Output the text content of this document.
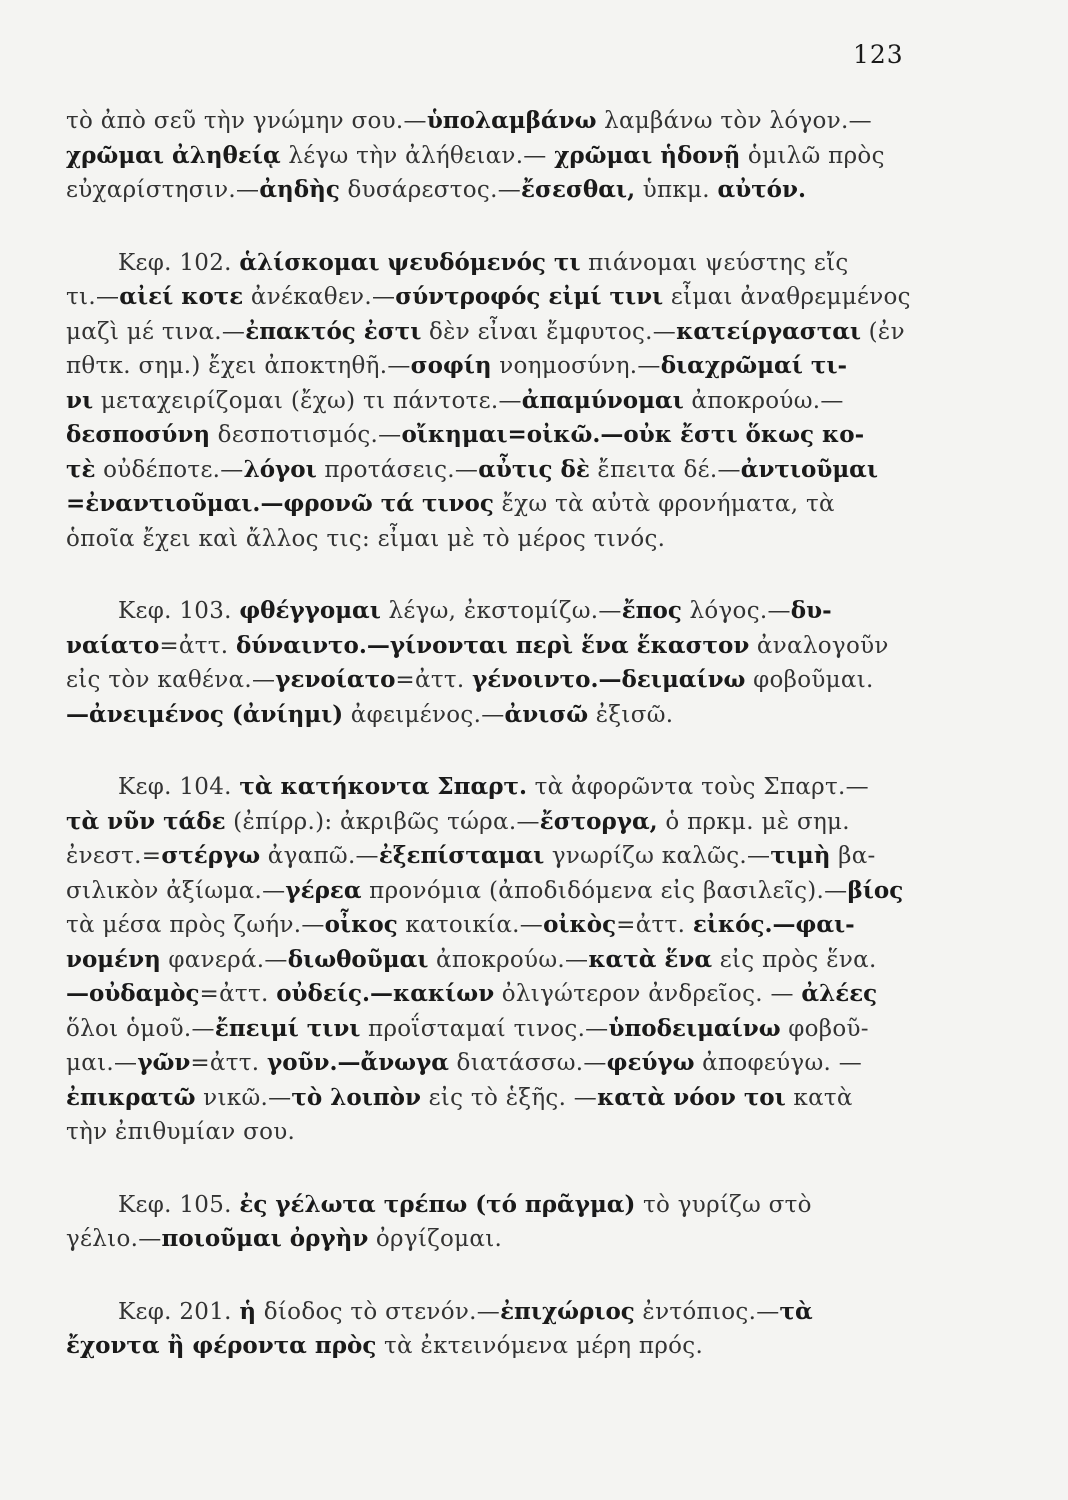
123
τὸ ἀπὸ σεῦ τὴν γνώμην σου.—ὑπολαμβάνω λαμβάνω τὸν λόγον.—
χρῶμαι ἀληθείᾳ λέγω τὴν ἀλήθειαν.— χρῶμαι ἡδονῇ ὁμιλῶ πρὸς
εὐχαρίστησιν.—ἀηδὴς δυσάρεστος.—ἔσεσθαι, ὑπκμ. αὐτόν.
Κεφ. 102. ἁλίσκομαι ψευδόμενός τι πιάνομαι ψεύστης εἴς
τι.—αἰεί κοτε ἀνέκαθεν.—σύντροφός εἰμί τινι εἶμαι ἀναθρεμμένος
μαζὶ μέ τινα.—ἐπακτός ἐστι δὲν εἶναι ἔμφυτος.—κατείργασται (ἐν
πθτκ. σημ.) ἔχει ἀποκτηθῆ.—σοφίη νοημοσύνη.—διαχρῶμαί τι-
νι μεταχειρίζομαι (ἔχω) τι πάντοτε.—ἀπαμύνομαι ἀποκρούω.—
δεσποσύνη δεσποτισμός.—οἴκημαι=οἰκῶ.—οὐκ ἔστι ὅκως κο-
τὲ οὐδέποτε.—λόγοι προτάσεις.—αὖτις δὲ ἔπειτα δέ.—ἀντιοῦμαι
=ἐναντιοῦμαι.—φρονῶ τά τινος ἔχω τὰ αὐτὰ φρονήματα, τὰ
ὁποῖα ἔχει καὶ ἄλλος τις: εἶμαι μὲ τὸ μέρος τινός.
Κεφ. 103. φθέγγομαι λέγω, ἐκστομίζω.—ἔπος λόγος.—δυ-
ναίατο=ἀττ. δύναιντο.—γίνονται περὶ ἕνα ἕκαστον ἀναλογοῦν
εἰς τὸν καθένα.—γενοίατο=ἀττ. γένοιντο.—δειμαίνω φοβοῦμαι.
—ἀνειμένος (ἀνίημι) ἀφειμένος.—ἀνισῶ ἐξισῶ.
Κεφ. 104. τὰ κατήκοντα Σπαρτ. τὰ ἀφορῶντα τοὺς Σπαρτ.—
τὰ νῦν τάδε (ἐπίρρ.): ἀκριβῶς τώρα.—ἔστοργα, ὁ πρκμ. μὲ σημ.
ἐνεστ.=στέργω ἀγαπῶ.—ἐξεπίσταμαι γνωρίζω καλῶς.—τιμὴ βα-
σιλικὸν ἀξίωμα.—γέρεα προνόμια (ἀποδιδόμενα εἰς βασιλεῖς).—βίος
τὰ μέσα πρὸς ζωήν.—οἶκος κατοικία.—οἰκὸς=ἀττ. εἰκός.—φαι-
νομένη φανερά.—διωθοῦμαι ἀποκρούω.—κατὰ ἕνα εἰς πρὸς ἕνα.
—οὐδαμὸς=ἀττ. οὐδείς.—κακίων ὀλιγώτερον ἀνδρεῖος. — ἀλέες
ὅλοι ὁμοῦ.—ἔπειμί τινι προΐσταμαί τινος.—ὑποδειμαίνω φοβοῦ-
μαι.—γῶν=ἀττ. γοῦν.—ἄνωγα διατάσσω.—φεύγω ἀποφεύγω. —
ἐπικρατῶ νικῶ.—τὸ λοιπὸν εἰς τὸ ἑξῆς. —κατὰ νόον τοι κατὰ
τὴν ἐπιθυμίαν σου.
Κεφ. 105. ἐς γέλωτα τρέπω (τό πρᾶγμα) τὸ γυρίζω στὸ
γέλιο.—ποιοῦμαι ὀργὴν ὀργίζομαι.
Κεφ. 201. ἡ δίοδος τὸ στενόν.—ἐπιχώριος ἐντόπιος.—τὰ
ἔχοντα ἢ φέροντα πρὸς τὰ ἐκτεινόμενα μέρη πρός.
